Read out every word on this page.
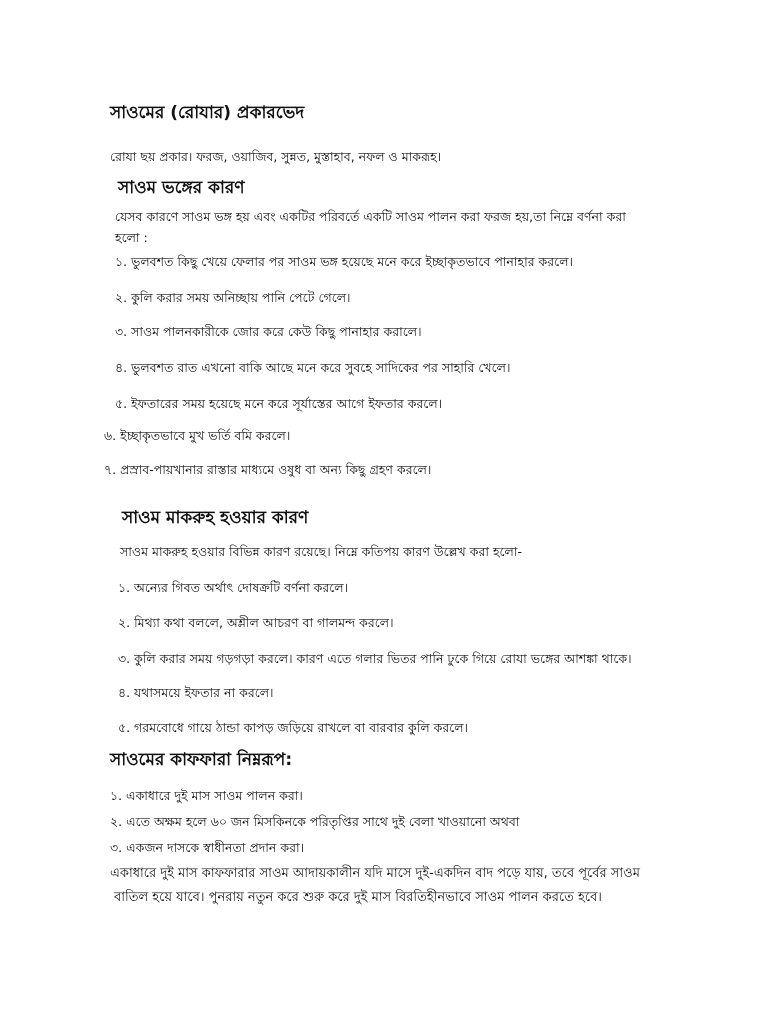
সাওমের (রোযার) প্রকারভেদ
রোযা ছয় প্রকার। ফরজ, ওয়াজিব, সুন্নত, মুস্তাহাব, নফল ও মাকরূহ।
সাওম ভঙ্গের কারণ
যেসব কারণে সাওম ভঙ্গ হয় এবং একটির পরিবর্তে একটি সাওম পালন করা ফরজ হয়,তা নিম্নে বর্ণনা করা
হলো :
১. ভুলবশত কিছু খেয়ে ফেলার পর সাওম ভঙ্গ হয়েছে মনে করে ইচ্ছাকৃতভাবে পানাহার করলে।
২. কুলি করার সময় অনিচ্ছায় পানি পেটে গেলে।
৩. সাওম পালনকারীকে জোর করে কেউ কিছু পানাহার করালে।
৪. ভুলবশত রাত এখনো বাকি আছে মনে করে সুবহে সাদিকের পর সাহারি খেলে।
৫. ইফতারের সময় হয়েছে মনে করে সূর্যাস্তের আগে ইফতার করলে।
৬. ইচ্ছাকৃতভাবে মুখ ভর্তি বমি করলে।
৭. প্রস্রাব-পায়খানার রাস্তার মাধ্যমে ওষুধ বা অন্য কিছু গ্রহণ করলে।
সাওম মাকরুহ হওয়ার কারণ
সাওম মাকরুহ হওয়ার বিভিন্ন কারণ রয়েছে। নিম্নে কতিপয় কারণ উল্লেখ করা হলো-
১. অন্যের গিবত অর্থাৎ দোষক্রটি বর্ণনা করলে।
২. মিথ্যা কথা বললে, অশ্লীল আচরণ বা গালমন্দ করলে।
৩. কুলি করার সময় গড়গড়া করলে। কারণ এতে গলার ভিতর পানি ঢুকে গিয়ে রোযা ভঙ্গের আশঙ্কা থাকে।
৪. যথাসময়ে ইফতার না করলে।
৫. গরমবোধে গায়ে ঠান্ডা কাপড় জড়িয়ে রাখলে বা বারবার কুলি করলে।
সাওমের কাফফারা নিম্নরূপ:
১. একাধারে দুই মাস সাওম পালন করা।
২. এতে অক্ষম হলে ৬০ জন মিসকিনকে পরিতৃপ্তির সাথে দুই বেলা খাওয়ানো অথবা
৩. একজন দাসকে স্বাধীনতা প্রদান করা।
একাধারে দুই মাস কাফফারার সাওম আদায়কালীন যদি মাসে দুই-একদিন বাদ পড়ে যায়, তবে পূর্বের সাওম
বাতিল হয়ে যাবে। পুনরায় নতুন করে শুরু করে দুই মাস বিরতিহীনভাবে সাওম পালন করতে হবে।
